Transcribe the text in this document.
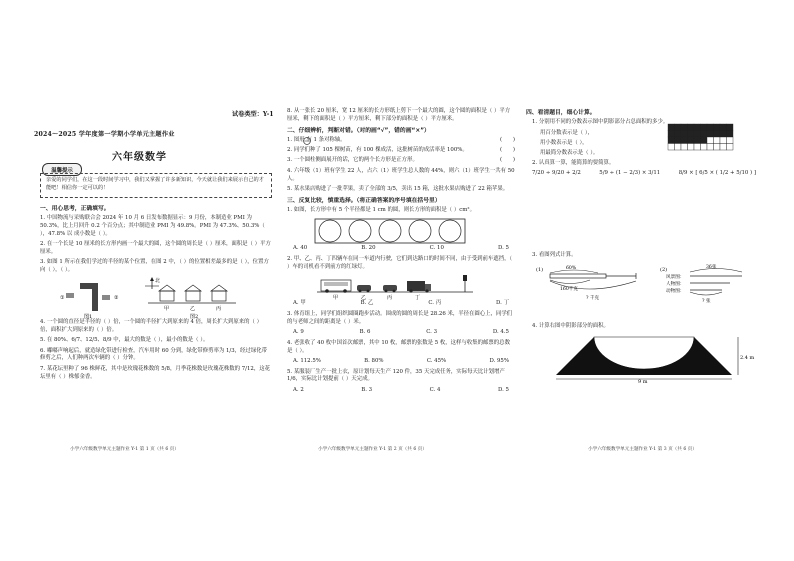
试卷类型：Y-1
2024～2025 学年度第一学期小学单元主题作业
六年级数学
温馨提示
亲爱的同学们，在这一段时间学习中，我们又掌握了许多新知识，今天就让我们来展示自己的才能吧！相信你一定可以的！
一、用心思考，正确填写。
1. 中国物流与采购联合会 2024 年 10 月 6 日发布数据显示：9 月份，本制造业 PMI 为 50.3%，比上月回升 0.2 个百分点；其中制造业 PMI 为 49.8%。PMI 为 47.3%、50.3%（ ），47.8% 以 成小数是（ ）。
2. 在一个长是 10 厘米的长方形内画一个最大的圆，这个圆的周长是（ ）厘米，面积是（ ）平方厘米。
3. 如图 1 所示在我们学过的半径的某个位置，在图 2 中，（ ）的位置相差最多的是（ ），位置方向（ ），（ ）。
①	②
图1
北
甲	乙	丙
图2
4. 一个圆的直径是半径的（ ）倍，一个圆的半径扩大到原来的 4 倍，周长扩大到原来的（ ）倍，面积扩大到原来的（ ）倍。
5. 在 80%、6/7、12/5、8/9 中，最大的数是（ ），最小的数是（ ）。
6. 嘟嘟声响起后，就造绿化带进行检查，汽车用时 60 分到，绿化带修剪率为 1/3，经过绿化带修剪之后，人们种两次车辆的（ ）分钟。
7. 某花坛里种了 96 株鲜花，其中是玫瑰花株数的 5/8，月季花株数是玫瑰花株数的 7/12，这花坛里有（ ）株郁金香。
小学六年级数学单元主题作业 Y-1 第 1 页（共 6 页）
8. 从一张长 20 厘米，宽 12 厘米的长方形纸上剪下一个最大的圆，这个圆的面积是（ ）平方厘米，剩下的面积是（ ）平方厘米，剩下部分的面积是（ ）平方厘米。
二、仔细辨析，判断对错。（对的画“√”，错的画“×”）
1. 图形 有 1 条对称轴。	(　　)
2. 同学们种了 105 棵树苗，有 100 棵成活，这批树苗的成活率是 100%。	(　　)
3. 一个圆柱侧面展开的话，它的两个长方形是正方形。	(　　)
4. 六年级（1）班有学生 22 人，占六（1）班学生总人数的 44%，则六（1）班学生一共有 50 人。
5. 某水果店购进了一批苹果，卖了全部的 3/5，卖出 15 箱，这批水果店购进了 22 箱苹果。
三、反复比较，慎重选择。（将正确答案的序号填在括号里）
1. 如图，长方形中有 5 个半径都是 1 cm 的圆，则长方形的面积是（ ）cm²。
A. 40	B. 20	C. 10	D. 5
2. 甲、乙、丙、丁四辆车在同一车道内行驶，它们到达路口的时间不同，由于受到前车遮挡，（ ）车的司机看不到前方的红绿灯。
甲	乙	丙	丁
A. 甲	B. 乙	C. 丙	D. 丁
3. 体育组上，同学们组织圆圈跑步活动。围成的圆的周长是 28.26 米，半径在圆心上，同学们的与老师之间的距离是（ ）米。
A. 9	B. 6	C. 3	D. 4.5
4. 老张收了 40 枚中国首次邮票，其中 10 枚，邮票的张数是 5 枚，这样与收集的邮票的总数是（ ）。
A. 112.5%	B. 80%	C. 45%	D. 95%
5. 某服装厂生产一批上衣，原计划每天生产 120 件，35 天完成任务，实际每天比计划增产 1/6，实际比计划提前（ ）天完成。
A. 2	B. 3	C. 4	D. 5
小学六年级数学单元主题作业 Y-1 第 2 页（共 6 页）
四、看清题目，细心计算。
1. 分别用不同的分数表示图中阴影部分占总面积的多少。
用百分数表示是（ ），
用小数表示是（ ），
用最简分数表示是（ ）。
2. 认真算一算，能简算的要简算。
7/20 ÷ 9/20 + 2/2	5/9 ÷ (1 − 2/3) × 3/11	8/9 × [ 6/5 × ( 1/2 + 5/10 ) ]
3. 看图列式计算。
(1)	60%
160千克
? 千克
(2)	36张
风景图：
人物图：
动物图：
? 张
4. 计算右图中阴影部分的面积。
2.4 m
9 m
小学六年级数学单元主题作业 Y-1 第 3 页（共 6 页）
